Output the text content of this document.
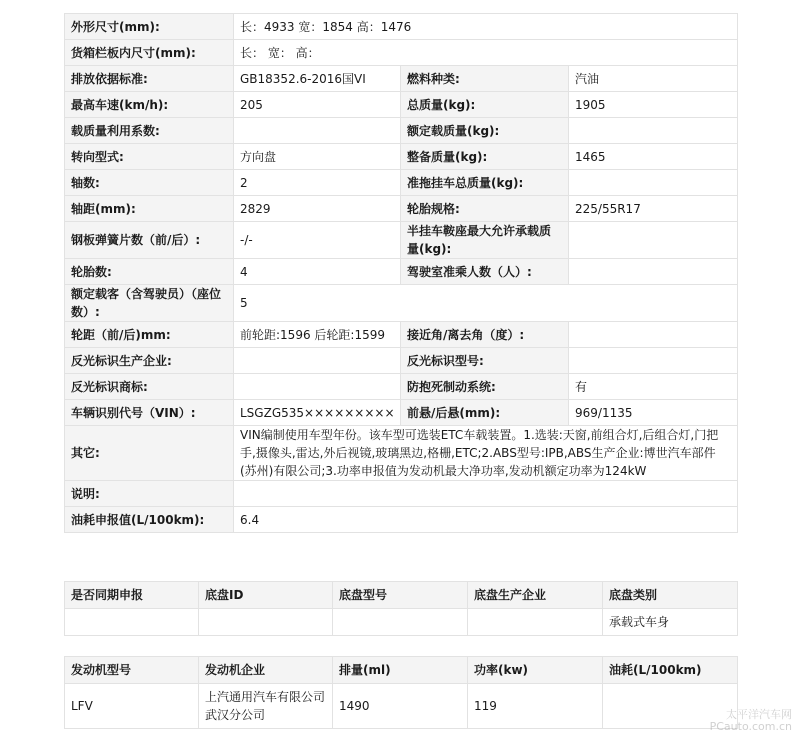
外形尺寸(mm):	长：4933 宽：1854 高：1476		
货箱栏板内尺寸(mm):	长： 宽： 高：		
排放依据标准:	GB18352.6-2016国VI	燃料种类:	汽油
最高车速(km/h):	205	总质量(kg):	1905
载质量利用系数:		额定载质量(kg):	
转向型式:	方向盘	整备质量(kg):	1465
轴数:	2	准拖挂车总质量(kg):	
轴距(mm):	2829	轮胎规格:	225/55R17
钢板弹簧片数（前/后）:	-/-	半挂车鞍座最大允许承载质量(kg):	
轮胎数:	4	驾驶室准乘人数（人）:	
额定载客（含驾驶员）（座位数）:	5		
轮距（前/后)mm:	前轮距:1596 后轮距:1599	接近角/离去角（度）:	
反光标识生产企业:		反光标识型号:	
反光标识商标:		防抱死制动系统:	有
车辆识别代号（VIN）:	LSGZG535×××××××××	前悬/后悬(mm):	969/1135
其它:	VIN编制使用车型年份。该车型可选装ETC车载装置。1.选装:天窗,前组合灯,后组合灯,门把手,摄像头,雷达,外后视镜,玻璃黑边,格栅,ETC;2.ABS型号:IPB,ABS生产企业:博世汽车部件(苏州)有限公司;3.功率申报值为发动机最大净功率,发动机额定功率为124kW		
说明:			
油耗申报值(L/100km):	6.4		
是否同期申报	底盘ID	底盘型号	底盘生产企业	底盘类别
				承载式车身
发动机型号	发动机企业	排量(ml)	功率(kw)	油耗(L/100km)
LFV	上汽通用汽车有限公司武汉分公司	1490	119	
太平洋汽车网
PCauto.com.cn
